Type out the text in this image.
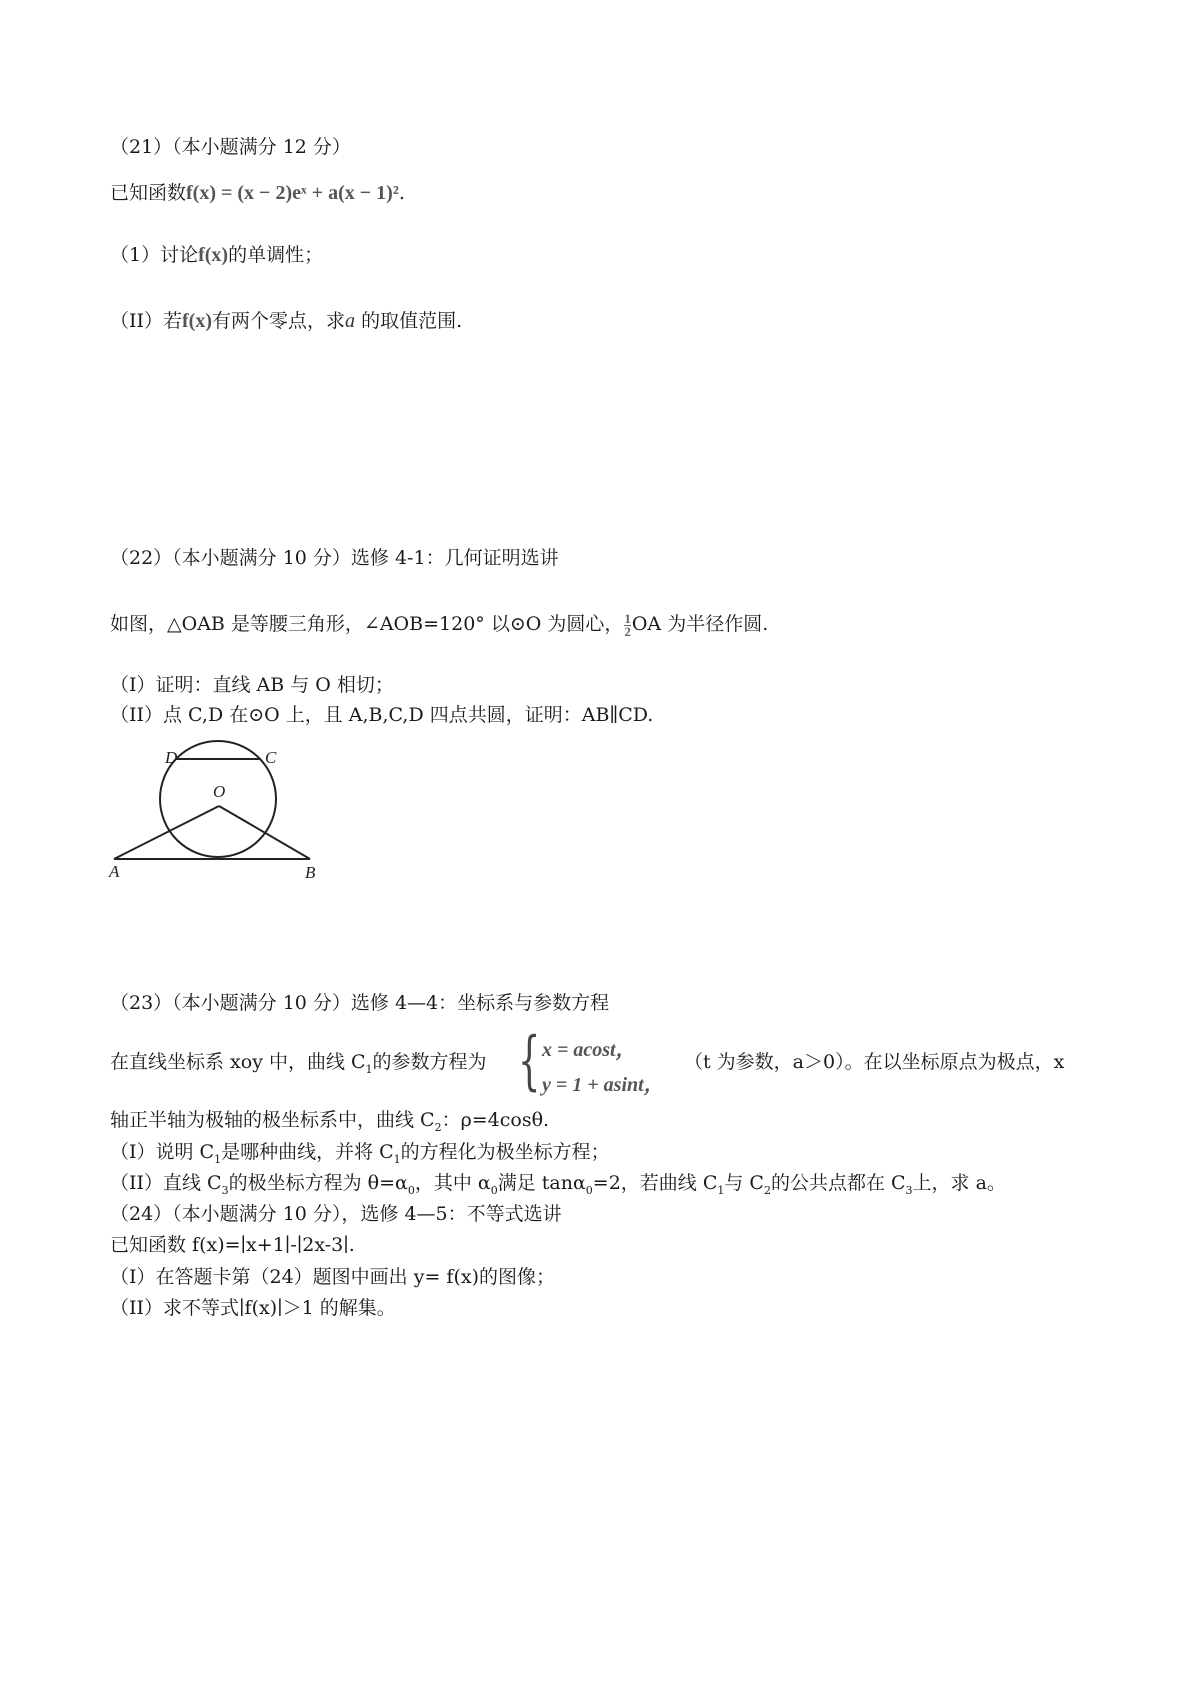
（21）（本小题满分 12 分）
已知函数f(x) = (x − 2)eˣ + a(x − 1)².
（1）讨论f(x)的单调性；
（II）若f(x)有两个零点，求a 的取值范围.
（22）（本小题满分 10 分）选修 4-1：几何证明选讲
如图，△OAB 是等腰三角形，∠AOB=120° 以⊙O 为圆心， $\frac{1}{2}$ OA 为半径作圆.
（I）证明：直线 AB 与 O 相切；
（II）点 C,D 在⊙O 上，且 A,B,C,D 四点共圆，证明：AB∥CD.
D	C
O
A	B
（23）（本小题满分 10 分）选修 4—4：坐标系与参数方程
在直线坐标系 xoy 中，曲线 $C_1$的参数方程为 { x = acost，
y = 1 + asint，
（t 为参数，a＞0）。在以坐标原点为极点，x
轴正半轴为极轴的极坐标系中，曲线 $C_2$：ρ=4cosθ.
（I）说明 $C_1$是哪种曲线，并将 $C_1$的方程化为极坐标方程；
（II）直线 $C_3$的极坐标方程为 $\theta=\alpha_0$，其中 $\alpha_0$满足 tanα$_0$=2，若曲线 $C_1$与 $C_2$的公共点都在 $C_3$上，求 a。
（24）（本小题满分 10 分），选修 4—5：不等式选讲
已知函数 f(x)=∣x+1∣-∣2x-3∣.
（I）在答题卡第（24）题图中画出 y= f(x)的图像；
（II）求不等式∣f(x)∣＞1 的解集。
